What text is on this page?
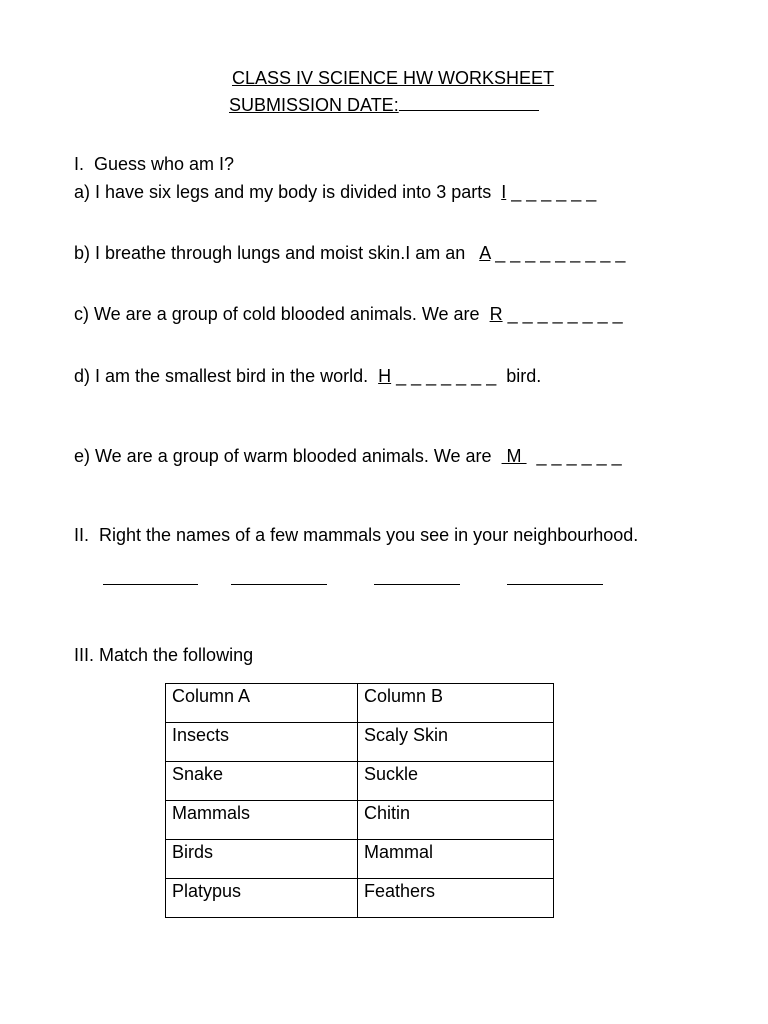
CLASS IV SCIENCE HW WORKSHEET
SUBMISSION DATE:
I.  Guess who am I?
a) I have six legs and my body is divided into 3 parts  I _ _ _ _ _ _
b) I breathe through lungs and moist skin.I am an   A _ _ _ _ _ _ _ _ _
c) We are a group of cold blooded animals. We are  R _ _ _ _ _ _ _ _
d) I am the smallest bird in the world.  H _ _ _ _ _ _ _  bird.
e) We are a group of warm blooded animals. We are   M   _ _ _ _ _ _
II.  Right the names of a few mammals you see in your neighbourhood.

III. Match the following
Column A	Column B
Insects	Scaly Skin
Snake	Suckle
Mammals	Chitin
Birds	Mammal
Platypus	Feathers
